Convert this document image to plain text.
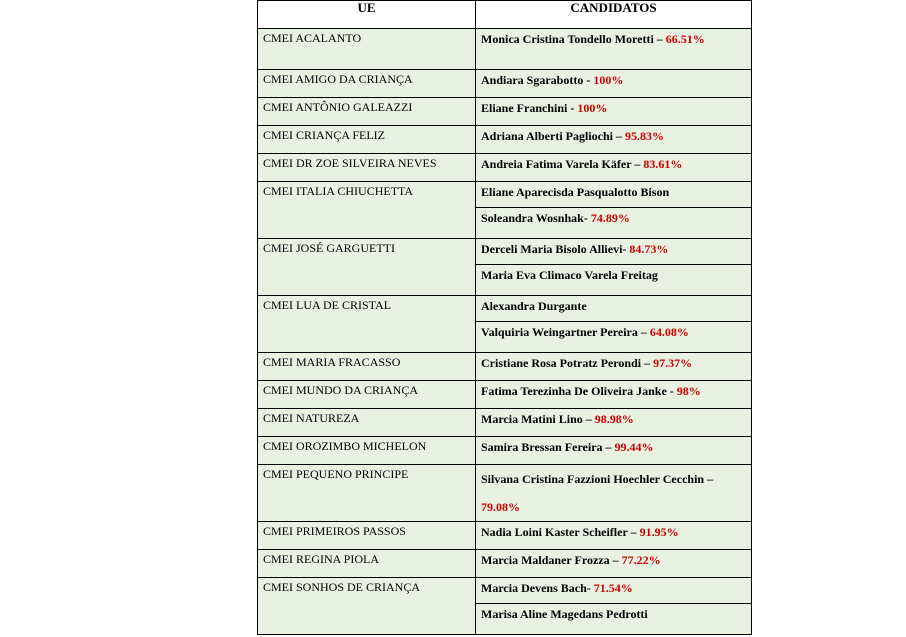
UE	CANDIDATOS
CMEI ACALANTO	Monica Cristina Tondello Moretti – 66.51%

CMEI AMIGO DA CRIANÇA	Andiara Sgarabotto - 100%

CMEI ANTÔNIO GALEAZZI	Eliane Franchini - 100%

CMEI CRIANÇA FELIZ	Adriana Alberti Pagliochi – 95.83%

CMEI DR ZOE SILVEIRA NEVES	Andreia Fatima Varela Käfer – 83.61%

CMEI ITALIA CHIUCHETTA	Eliane Aparecisda Pasqualotto Bison
Soleandra Wosnhak- 74.89%

CMEI JOSÉ GARGUETTI	Derceli Maria Bisolo Allievi- 84.73%
Maria Eva Climaco Varela Freitag

CMEI LUA DE CRISTAL	Alexandra Durgante
Valquiria Weingartner Pereira – 64.08%

CMEI MARIA FRACASSO	Cristiane Rosa Potratz Perondi – 97.37%

CMEI MUNDO DA CRIANÇA	Fatima Terezinha De Oliveira Janke - 98%

CMEI NATUREZA	Marcia Matini Lino – 98.98%

CMEI OROZIMBO MICHELON	Samira Bressan Fereira – 99.44%

CMEI PEQUENO PRINCIPE	Silvana Cristina Fazzioni Hoechler Cecchin – 79.08%

CMEI PRIMEIROS PASSOS	Nadia Loini Kaster Scheifler – 91.95%

CMEI REGINA PIOLA	Marcia Maldaner Frozza – 77.22%

CMEI SONHOS DE CRIANÇA	Marcia Devens Bach- 71.54%
Marisa Aline Magedans Pedrotti
